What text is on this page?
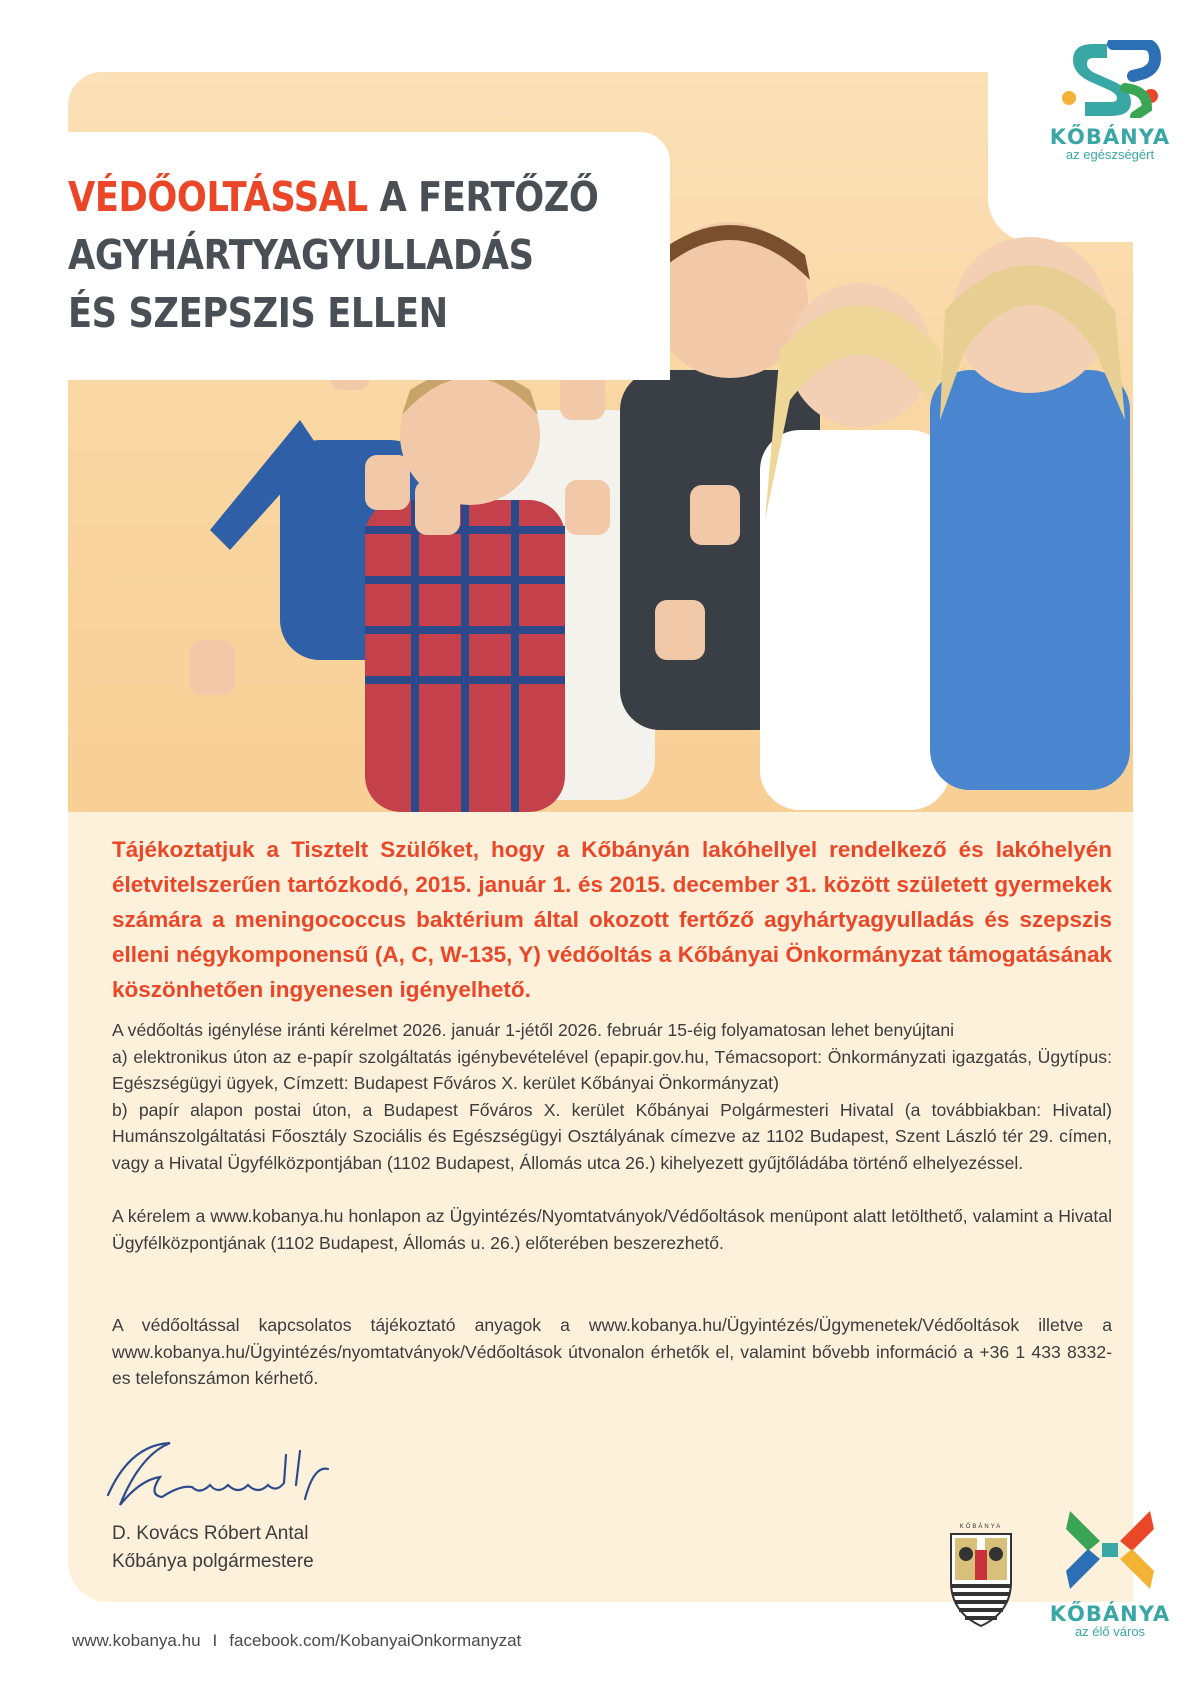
VÉDŐOLTÁSSAL A FERTŐZŐ
AGYHÁRTYAGYULLADÁS
ÉS SZEPSZIS ELLEN
KŐBÁNYA
az egészségért

Tájékoztatjuk a Tisztelt Szülőket, hogy a Kőbányán lakóhellyel rendelkező és lakóhelyén életvitelszerűen tartózkodó, 2015. január 1. és 2015. december 31. között született gyermekek számára a meningococcus baktérium által okozott fertőző agyhártyagyulladás és szepszis elleni négykomponensű (A, C, W-135, Y) védőoltás a Kőbányai Önkormányzat támogatásának köszönhetően ingyenesen igényelhető.

A védőoltás igénylése iránti kérelmet 2026. január 1-jétől 2026. február 15-éig folyamatosan lehet benyújtani
a) elektronikus úton az e-papír szolgáltatás igénybevételével (epapir.gov.hu, Témacsoport: Önkormányzati igazgatás, Ügytípus: Egészségügyi ügyek, Címzett: Budapest Főváros X. kerület Kőbányai Önkormányzat)
b) papír alapon postai úton, a Budapest Főváros X. kerület Kőbányai Polgármesteri Hivatal (a továbbiakban: Hivatal) Humánszolgáltatási Főosztály Szociális és Egészségügyi Osztályának címezve az 1102 Budapest, Szent László tér 29. címen, vagy a Hivatal Ügyfélközpontjában (1102 Budapest, Állomás utca 26.) kihelyezett gyűjtőládába történő elhelyezéssel.

A kérelem a www.kobanya.hu honlapon az Ügyintézés/Nyomtatványok/Védőoltások menüpont alatt letölthető, valamint a Hivatal Ügyfélközpontjának (1102 Budapest, Állomás u. 26.) előterében beszerezhető.

A védőoltással kapcsolatos tájékoztató anyagok a www.kobanya.hu/Ügyintézés/Ügymenetek/Védőoltások illetve a www.kobanya.hu/Ügyintézés/nyomtatványok/Védőoltások útvonalon érhetők el, valamint bővebb információ a +36 1 433 8332-es telefonszámon kérhető.

D. Kovács Róbert Antal
Kőbánya polgármestere
KŐBÁNYA
KŐBÁNYA
az élő város
www.kobanya.hu I facebook.com/KobanyaiOnkormanyzat
